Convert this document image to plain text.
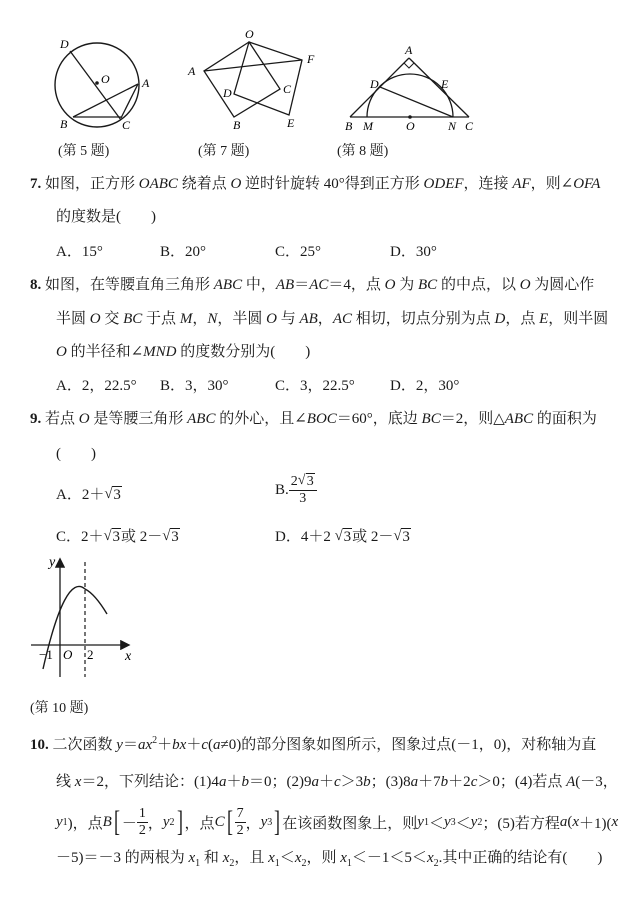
D
O	A
B	C
(第 5 题)
O
A
F
D	C
B	E
(第 7 题)
A
D	E
B M	O	N C
(第 8 题)
7. 如图，正方形 OABC 绕着点 O 逆时针旋转 40°得到正方形 ODEF，连接 AF，则∠OFA
的度数是(　　)
A．15°	B．20°	C．25°	D．30°
8. 如图，在等腰直角三角形 ABC 中，AB＝AC＝4，点 O 为 BC 的中点，以 O 为圆心作
半圆 O 交 BC 于点 M，N，半圆 O 与 AB，AC 相切，切点分别为点 D，点 E，则半圆
O 的半径和∠MND 的度数分别为(　　)
A．2，22.5° B．3，30°	C．3，22.5° D．2，30°
9. 若点 O 是等腰三角形 ABC 的外心，且∠BOC＝60°，底边 BC＝2，则△ABC 的面积为
(　　)
A．2＋ √ 3	B. $\frac{2 √ 3}{3}$
C．2＋ √ 3或 2－ √ 3	D．4＋2 √ 3或 2－ √ 3
y
x
−1 O 2
(第 10 题)
10. 二次函数 $y=ax^2+bx+c(a\ne 0)$的部分图象如图所示，图象过点(－1，0)，对称轴为直
线 x＝2，下列结论：(1)4a＋b＝0；(2)9a＋c＞3b；(3)8a＋7b＋2c＞0；(4)若点 A(－3，
y 1 )，点 B [ － $\frac{1}{2}$ ， y 2 ] ，点 C [ $\frac{7}{2}$ ， y 3 ] 在该函数图象上，则 y 1 ＜ y 3 ＜ y 2 ；(5)若方程 a ( x ＋1)( x
－5)＝－3 的两根为 $x_1$ 和 $x_2$，且 $x_1<x_2$，则 $x_1<-1<5<x_2$.其中正确的结论有(　　)
